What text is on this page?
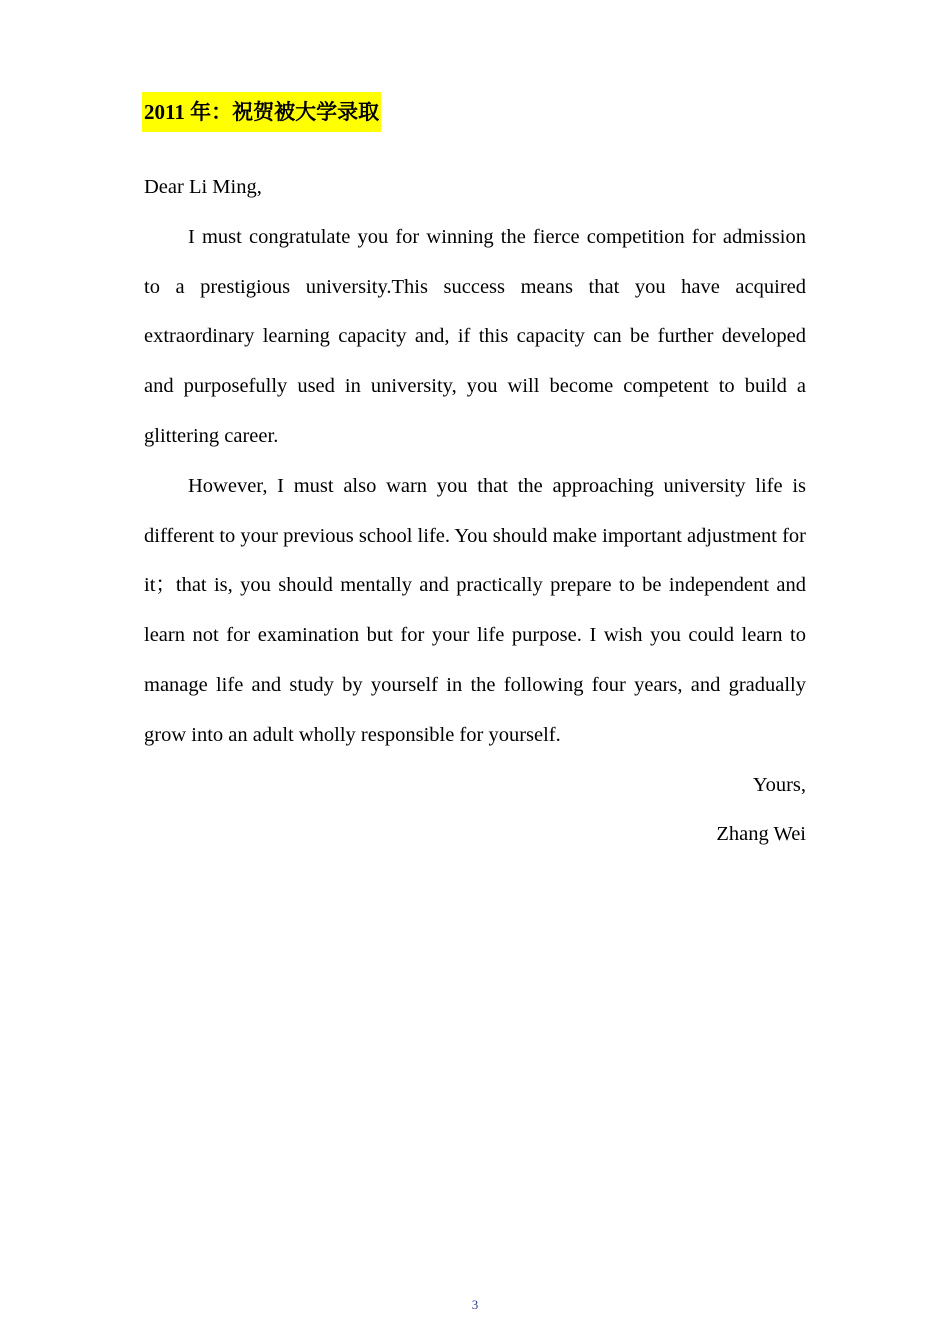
2011 年：祝贺被大学录取

Dear Li Ming,

I must congratulate you for winning the fierce competition for admission to a prestigious university.This success means that you have acquired extraordinary learning capacity and, if this capacity can be further developed and purposefully used in university, you will become competent to build a glittering career.

However, I must also warn you that the approaching university life is different to your previous school life. You should make important adjustment for it；that is, you should mentally and practically prepare to be independent and learn not for examination but for your life purpose. I wish you could learn to manage life and study by yourself in the following four years, and gradually grow into an adult wholly responsible for yourself.

Yours,

Zhang Wei

3
